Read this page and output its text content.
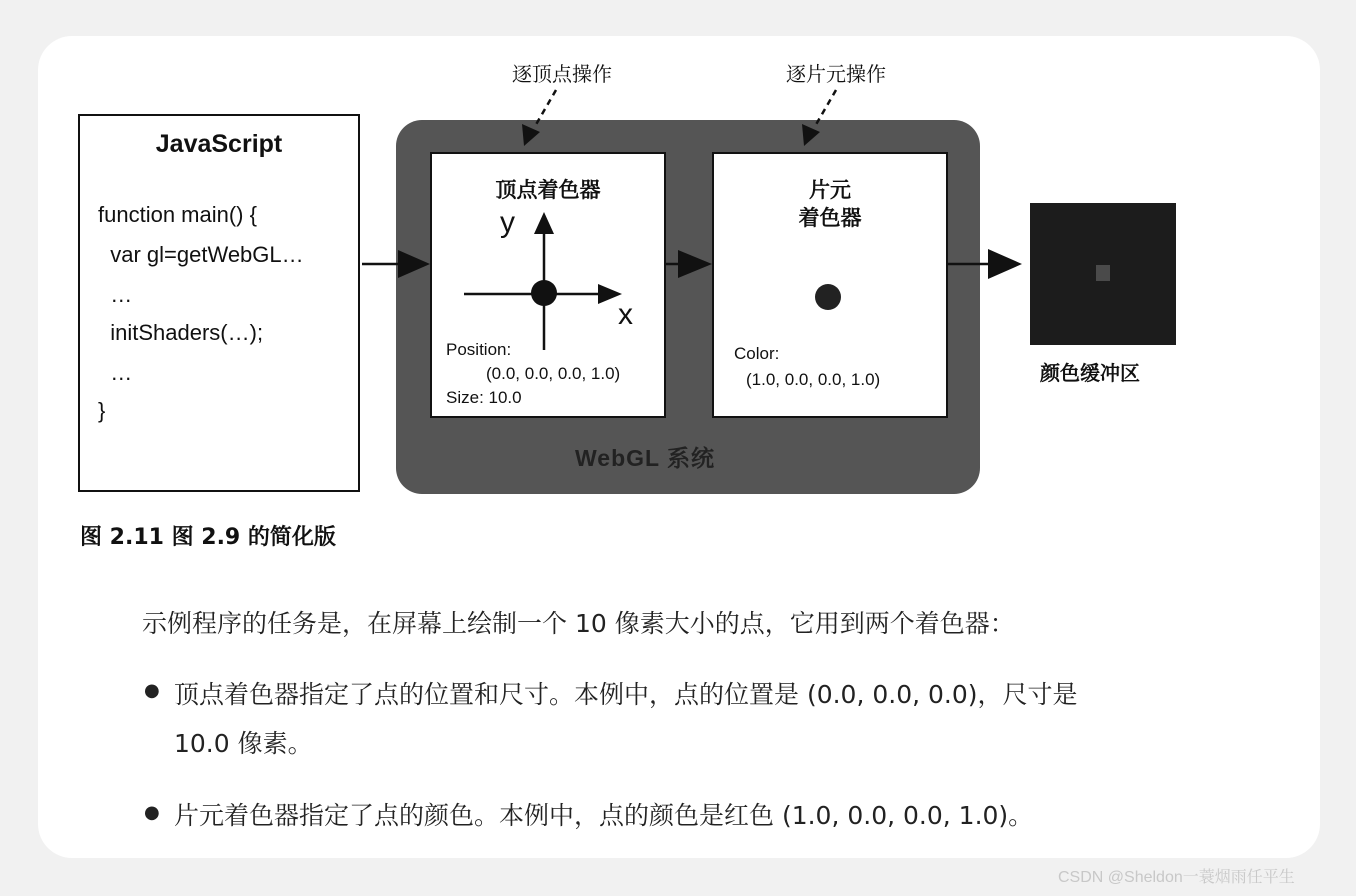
逐顶点操作	逐片元操作
JavaScript
function main() {
var gl=getWebGL…
…
initShaders(…);
…
}
WebGL 系统
顶点着色器
y
x
Position:
(0.0, 0.0, 0.0, 1.0)
Size: 10.0
片元
着色器
Color:
(1.0, 0.0, 0.0, 1.0)	颜色缓冲区
图 2.11 图 2.9 的简化版
示例程序的任务是，在屏幕上绘制一个 10 像素大小的点，它用到两个着色器：
● 顶点着色器指定了点的位置和尺寸。本例中，点的位置是 (0.0, 0.0, 0.0)，尺寸是
10.0 像素。
● 片元着色器指定了点的颜色。本例中，点的颜色是红色 (1.0, 0.0, 0.0, 1.0)。
CSDN @Sheldon一蓑烟雨任平生
